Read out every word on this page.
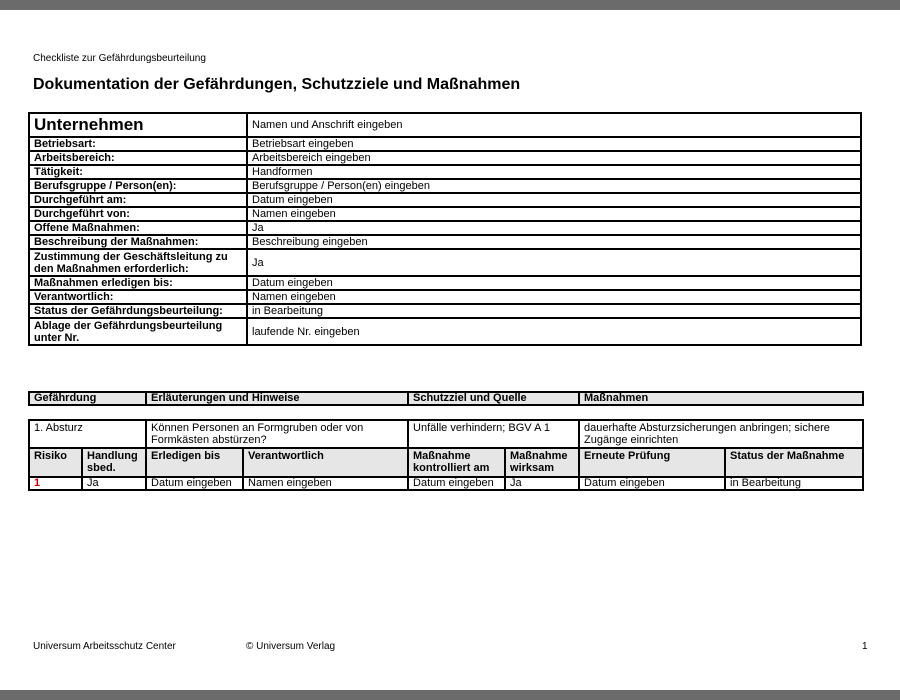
Checkliste zur Gefährdungsbeurteilung
Dokumentation der Gefährdungen, Schutzziele und Maßnahmen
Unternehmen	Namen und Anschrift eingeben
Betriebsart:	Betriebsart eingeben
Arbeitsbereich:	Arbeitsbereich eingeben
Tätigkeit:	Handformen
Berufsgruppe / Person(en):	Berufsgruppe / Person(en) eingeben
Durchgeführt am:	Datum eingeben
Durchgeführt von:	Namen eingeben
Offene Maßnahmen:	Ja
Beschreibung der Maßnahmen:	Beschreibung eingeben
Zustimmung der Geschäftsleitung zu den Maßnahmen erforderlich:	Ja
Maßnahmen erledigen bis:	Datum eingeben
Verantwortlich:	Namen eingeben
Status der Gefährdungsbeurteilung:	in Bearbeitung
Ablage der Gefährdungsbeurteilung unter Nr.	laufende Nr. eingeben
Gefährdung	Erläuterungen und Hinweise	Schutzziel und Quelle	Maßnahmen
1. Absturz		Können Personen an Formgruben oder von Formkästen abstürzen?		Unfälle verhindern; BGV A 1		dauerhafte Absturzsicherungen anbringen; sichere Zugänge einrichten	
Risiko	Handlung sbed.	Erledigen bis	Verantwortlich	Maßnahme kontrolliert am	Maßnahme wirksam	Erneute Prüfung	Status der Maßnahme
1	Ja	Datum eingeben	Namen eingeben	Datum eingeben	Ja	Datum eingeben	in Bearbeitung
Universum Arbeitsschutz Center	© Universum Verlag	1
